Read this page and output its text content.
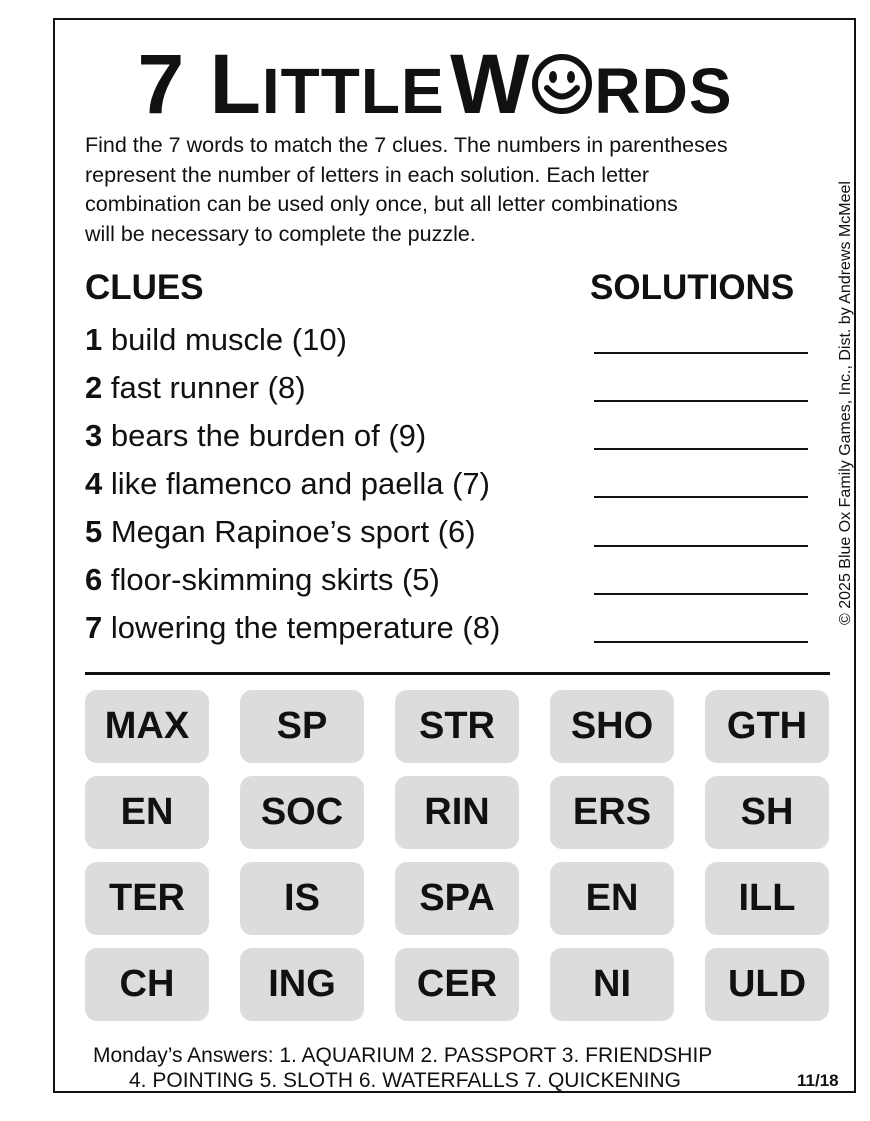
7 LITTLE W RDS
Find the 7 words to match the 7 clues. The numbers in parentheses
represent the number of letters in each solution. Each letter
combination can be used only once, but all letter combinations
will be necessary to complete the puzzle.
CLUES	SOLUTIONS
1 build muscle (10)
2 fast runner (8)
3 bears the burden of (9)
4 like flamenco and paella (7)
5 Megan Rapinoe’s sport (6)
6 floor-skimming skirts (5)
7 lowering the temperature (8)
© 2025 Blue Ox Family Games, Inc., Dist. by Andrews McMeel
MAX	SP	STR	SHO	GTH
EN	SOC	RIN	ERS	SH
TER	IS	SPA	EN	ILL
CH	ING	CER	NI	ULD
Monday’s Answers: 1. AQUARIUM 2. PASSPORT 3. FRIENDSHIP
4. POINTING 5. SLOTH 6. WATERFALLS 7. QUICKENING	11/18
